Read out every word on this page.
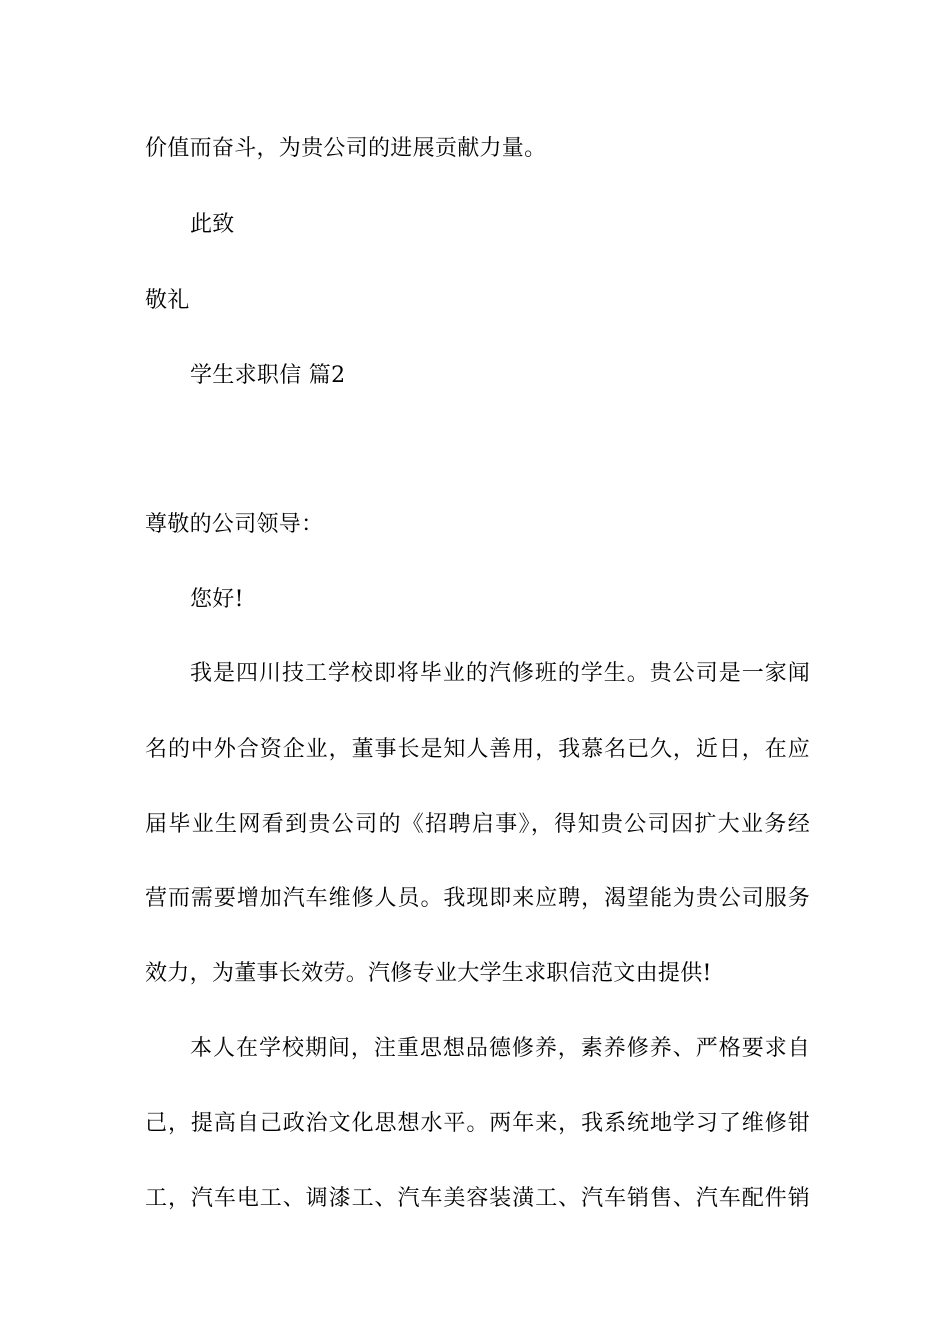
价值而奋斗，为贵公司的进展贡献力量。
此致
敬礼
学生求职信 篇2
尊敬的公司领导：
您好!
我是四川技工学校即将毕业的汽修班的学生。贵公司是一家闻
名的中外合资企业，董事长是知人善用，我慕名已久，近日，在应
届毕业生网看到贵公司的《招聘启事》，得知贵公司因扩大业务经
营而需要增加汽车维修人员。我现即来应聘，渴望能为贵公司服务
效力，为董事长效劳。汽修专业大学生求职信范文由提供!
本人在学校期间，注重思想品德修养，素养修养、严格要求自
己，提高自己政治文化思想水平。两年来，我系统地学习了维修钳
工，汽车电工、调漆工、汽车美容装潢工、汽车销售、汽车配件销
